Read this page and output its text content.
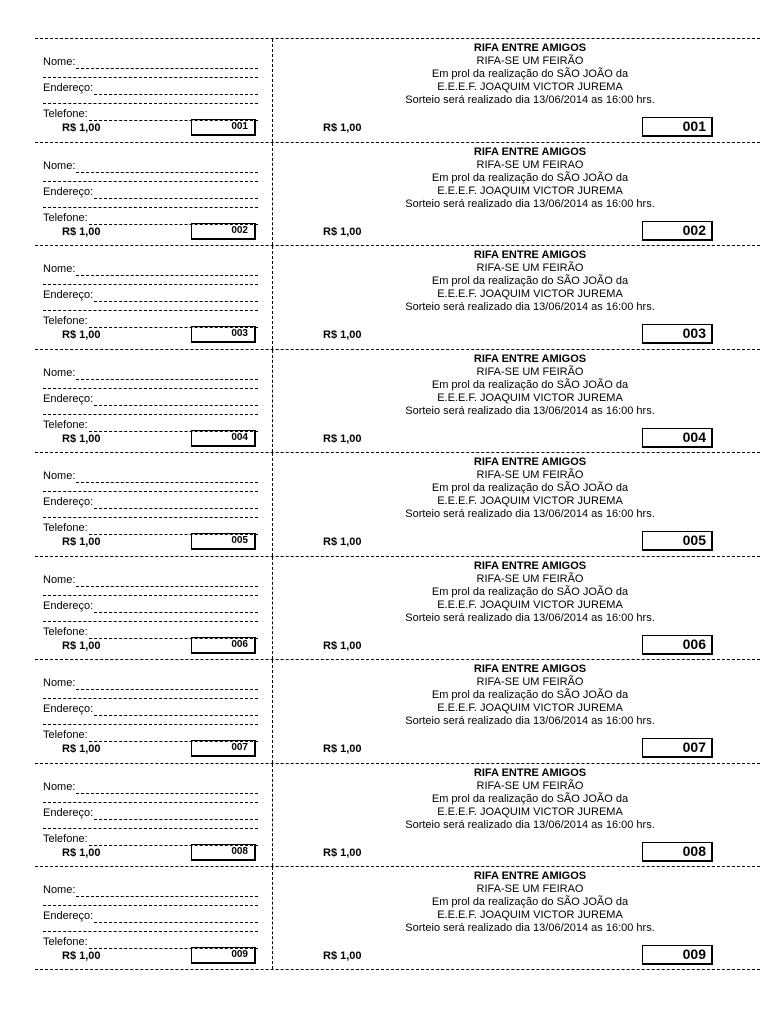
Nome:
Endereço:
Telefone:
R$ 1,00	001
RIFA ENTRE AMIGOS
RIFA-SE UM FEIRÃO
Em prol da realização do SÃO JOÃO da
E.E.E.F. JOAQUIM VICTOR JUREMA
Sorteio será realizado dia 13/06/2014 as 16:00 hrs.
R$ 1,00	001
Nome:
Endereço:
Telefone:
R$ 1,00	002
RIFA ENTRE AMIGOS
RIFA-SE UM FEIRAO
Em prol da realização do SÃO JOÃO da
E.E.E.F. JOAQUIM VICTOR JUREMA
Sorteio será realizado dia 13/06/2014 as 16:00 hrs.
R$ 1,00	002
Nome:
Endereço:
Telefone:
R$ 1,00	003
RIFA ENTRE AMIGOS
RIFA-SE UM FEIRÃO
Em prol da realização do SÃO JOÃO da
E.E.E.F. JOAQUIM VICTOR JUREMA
Sorteio será realizado dia 13/06/2014 as 16:00 hrs.
R$ 1,00	003
Nome:
Endereço:
Telefone:
R$ 1,00	004
RIFA ENTRE AMIGOS
RIFA-SE UM FEIRÃO
Em prol da realização do SÃO JOÃO da
E.E.E.F. JOAQUIM VICTOR JUREMA
Sorteio será realizado dia 13/06/2014 as 16:00 hrs.
R$ 1,00	004
Nome:
Endereço:
Telefone:
R$ 1,00	005
RIFA ENTRE AMIGOS
RIFA-SE UM FEIRÃO
Em prol da realização do SÃO JOÃO da
E.E.E.F. JOAQUIM VICTOR JUREMA
Sorteio será realizado dia 13/06/2014 as 16:00 hrs.
R$ 1,00	005
Nome:
Endereço:
Telefone:
R$ 1,00	006
RIFA ENTRE AMIGOS
RIFA-SE UM FEIRÃO
Em prol da realização do SÃO JOÃO da
E.E.E.F. JOAQUIM VICTOR JUREMA
Sorteio será realizado dia 13/06/2014 as 16:00 hrs.
R$ 1,00	006
Nome:
Endereço:
Telefone:
R$ 1,00	007
RIFA ENTRE AMIGOS
RIFA-SE UM FEIRÃO
Em prol da realização do SÃO JOÃO da
E.E.E.F. JOAQUIM VICTOR JUREMA
Sorteio será realizado dia 13/06/2014 as 16:00 hrs.
R$ 1,00	007
Nome:
Endereço:
Telefone:
R$ 1,00	008
RIFA ENTRE AMIGOS
RIFA-SE UM FEIRÃO
Em prol da realização do SÃO JOÃO da
E.E.E.F. JOAQUIM VICTOR JUREMA
Sorteio será realizado dia 13/06/2014 as 16:00 hrs.
R$ 1,00	008
Nome:
Endereço:
Telefone:
R$ 1,00	009
RIFA ENTRE AMIGOS
RIFA-SE UM FEIRAO
Em prol da realização do SÃO JOÃO da
E.E.E.F. JOAQUIM VICTOR JUREMA
Sorteio será realizado dia 13/06/2014 as 16:00 hrs.
R$ 1,00	009
